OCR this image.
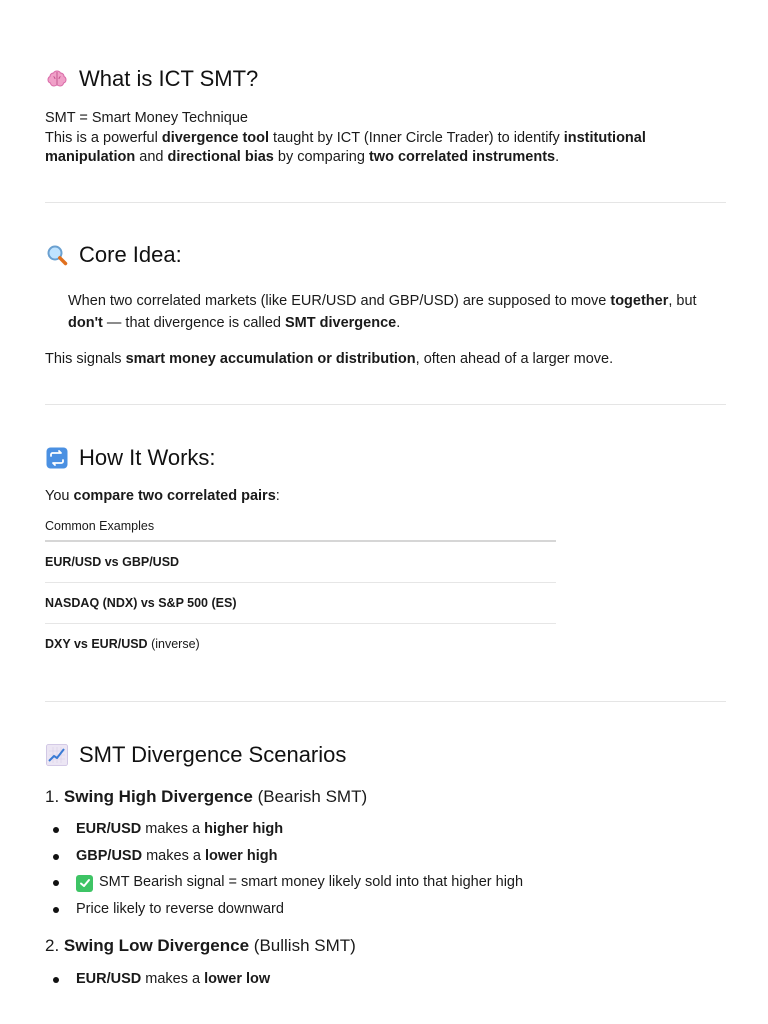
What is ICT SMT?

SMT = Smart Money Technique

This is a powerful divergence tool taught by ICT (Inner Circle Trader) to identify institutional manipulation and directional bias by comparing two correlated instruments.

Core Idea:

When two correlated markets (like EUR/USD and GBP/USD) are supposed to move together, but don't — that divergence is called SMT divergence.

This signals smart money accumulation or distribution, often ahead of a larger move.

How It Works:

You compare two correlated pairs:

Common Examples
EUR/USD vs GBP/USD
NASDAQ (NDX) vs S&P 500 (ES)
DXY vs EUR/USD (inverse)
SMT Divergence Scenarios
1. Swing High Divergence (Bearish SMT)
EUR/USD makes a higher high
GBP/USD makes a lower high
SMT Bearish signal = smart money likely sold into that higher high
Price likely to reverse downward
2. Swing Low Divergence (Bullish SMT)
EUR/USD makes a lower low
